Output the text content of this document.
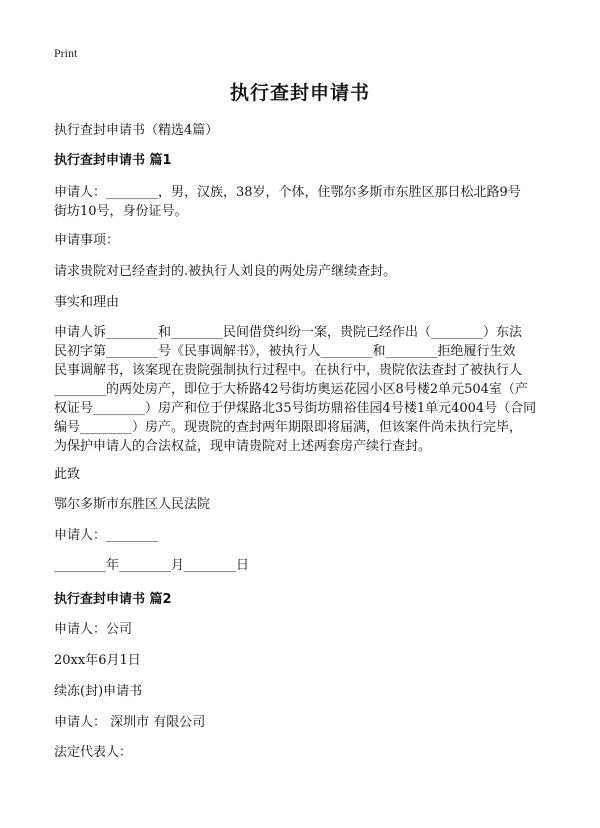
Print
执行查封申请书
执行查封申请书（精选4篇）
执行查封申请书 篇1
申请人：________，男，汉族，38岁，个体，住鄂尔多斯市东胜区那日松北路9号
街坊10号，身份证号。
申请事项：
请求贵院对已经查封的.被执行人刘良的两处房产继续查封。
事实和理由
申请人诉________和________民间借贷纠纷一案，贵院已经作出（________）东法
民初字第________号《民事调解书》，被执行人________和________拒绝履行生效
民事调解书，该案现在贵院强制执行过程中。在执行中，贵院依法查封了被执行人
________的两处房产，即位于大桥路42号街坊奥运花园小区8号楼2单元504室（产
权证号________）房产和位于伊煤路北35号街坊鼎裕佳园4号楼1单元4004号（合同
编号________）房产。现贵院的查封两年期限即将届满，但该案件尚未执行完毕，
为保护申请人的合法权益，现申请贵院对上述两套房产续行查封。
此致
鄂尔多斯市东胜区人民法院
申请人：________
________年________月________日
执行查封申请书 篇2
申请人：公司
20xx年6月1日
续冻(封)申请书
申请人： 深圳市 有限公司
法定代表人：
